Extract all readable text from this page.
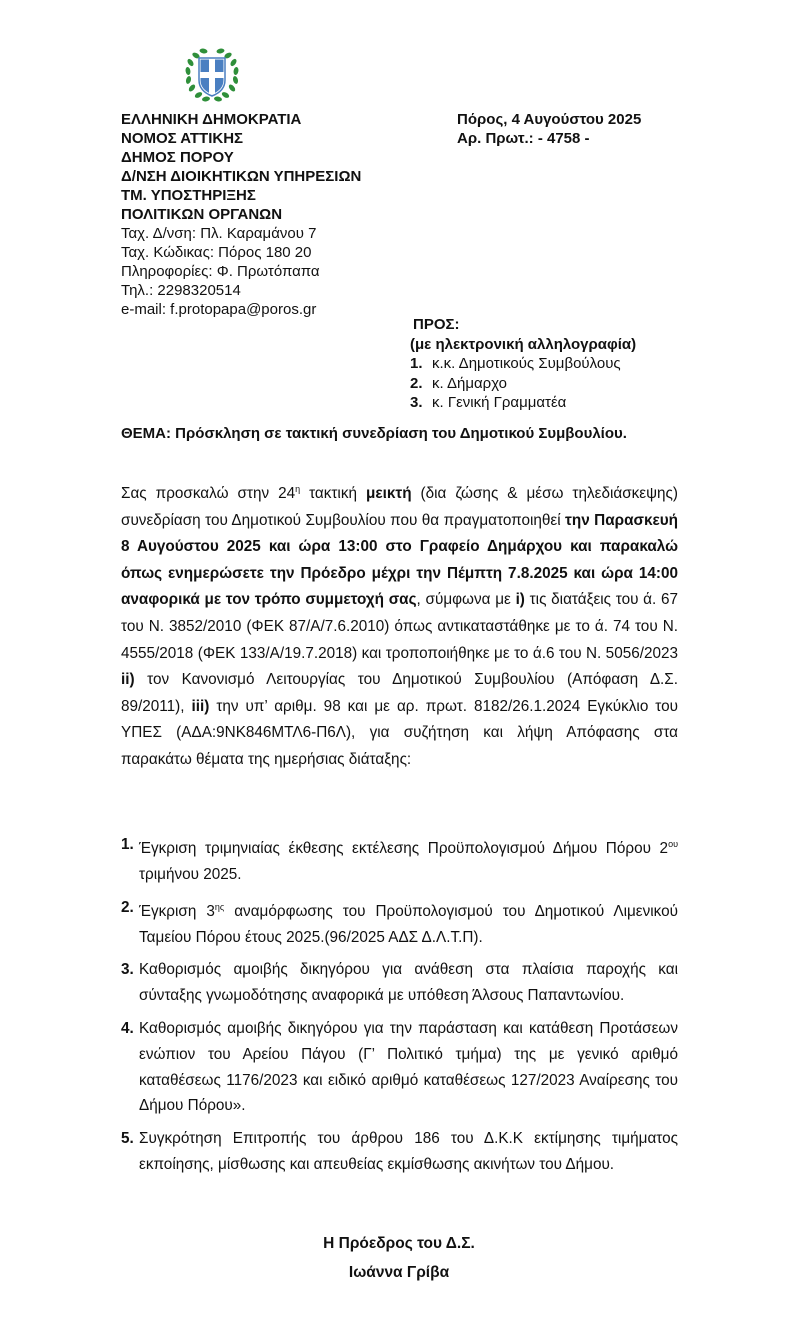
ΕΛΛΗΝΙΚΗ ΔΗΜΟΚΡΑΤΙΑ
ΝΟΜΟΣ ΑΤΤΙΚΗΣ
ΔΗΜΟΣ ΠΟΡΟΥ
Δ/ΝΣΗ ΔΙΟΙΚΗΤΙΚΩΝ ΥΠΗΡΕΣΙΩΝ
ΤΜ. ΥΠΟΣΤΗΡΙΞΗΣ
ΠΟΛΙΤΙΚΩΝ ΟΡΓΑΝΩΝ
Ταχ. Δ/νση: Πλ. Καραμάνου 7
Ταχ. Κώδικας: Πόρος 180 20
Πληροφορίες: Φ. Πρωτόπαπα
Τηλ.: 2298320514
e-mail: f.protopapa@poros.gr
Πόρος, 4 Αυγούστου 2025
Αρ. Πρωτ.: - 4758 -
ΠΡΟΣ:
(με ηλεκτρονική αλληλογραφία)
1. κ.κ. Δημοτικούς Συμβούλους
2. κ. Δήμαρχο
3. κ. Γενική Γραμματέα
ΘΕΜΑ: Πρόσκληση σε τακτική συνεδρίαση του Δημοτικού Συμβουλίου.
Σας προσκαλώ στην $24^\eta$ τακτική μεικτή (δια ζώσης & μέσω τηλεδιάσκεψης) συνεδρίαση του Δημοτικού Συμβουλίου που θα πραγματοποιηθεί την Παρασκευή 8 Αυγούστου 2025 και ώρα 13:00 στο Γραφείο Δημάρχου και παρακαλώ όπως ενημερώσετε την Πρόεδρο μέχρι την Πέμπτη 7.8.2025 και ώρα 14:00 αναφορικά με τον τρόπο συμμετοχή σας, σύμφωνα με i) τις διατάξεις του ά. 67 του Ν. 3852/2010 (ΦΕΚ 87/Α/7.6.2010) όπως αντικαταστάθηκε με το ά. 74 του Ν. 4555/2018 (ΦΕΚ 133/Α/19.7.2018) και τροποποιήθηκε με το ά.6 του Ν. 5056/2023 ii) τον Κανονισμό Λειτουργίας του Δημοτικού Συμβουλίου (Απόφαση Δ.Σ. 89/2011), iii) την υπ’ αριθμ. 98 και με αρ. πρωτ. 8182/26.1.2024 Εγκύκλιο του ΥΠΕΣ (ΑΔΑ:9ΝΚ846ΜΤΛ6-Π6Λ), για συζήτηση και λήψη Απόφασης στα παρακάτω θέματα της ημερήσιας διάταξης:
1. Έγκριση τριμηνιαίας έκθεσης εκτέλεσης Προϋπολογισμού Δήμου Πόρου $2^{o\upsilon}$ τριμήνου 2025.
2. Έγκριση $3^{\eta\varsigma}$ αναμόρφωσης του Προϋπολογισμού του Δημοτικού Λιμενικού Ταμείου Πόρου έτους 2025.(96/2025 ΑΔΣ Δ.Λ.Τ.Π).
3. Καθορισμός αμοιβής δικηγόρου για ανάθεση στα πλαίσια παροχής και σύνταξης γνωμοδότησης αναφορικά με υπόθεση Άλσους Παπαντωνίου.
4. Καθορισμός αμοιβής δικηγόρου για την παράσταση και κατάθεση Προτάσεων ενώπιον του Αρείου Πάγου (Γ’ Πολιτικό τμήμα) της με γενικό αριθμό καταθέσεως 1176/2023 και ειδικό αριθμό καταθέσεως 127/2023 Αναίρεσης του Δήμου Πόρου».
5. Συγκρότηση Επιτροπής του άρθρου 186 του Δ.Κ.Κ εκτίμησης τιμήματος εκποίησης, μίσθωσης και απευθείας εκμίσθωσης ακινήτων του Δήμου.
Η Πρόεδρος του Δ.Σ.
Ιωάννα Γρίβα
